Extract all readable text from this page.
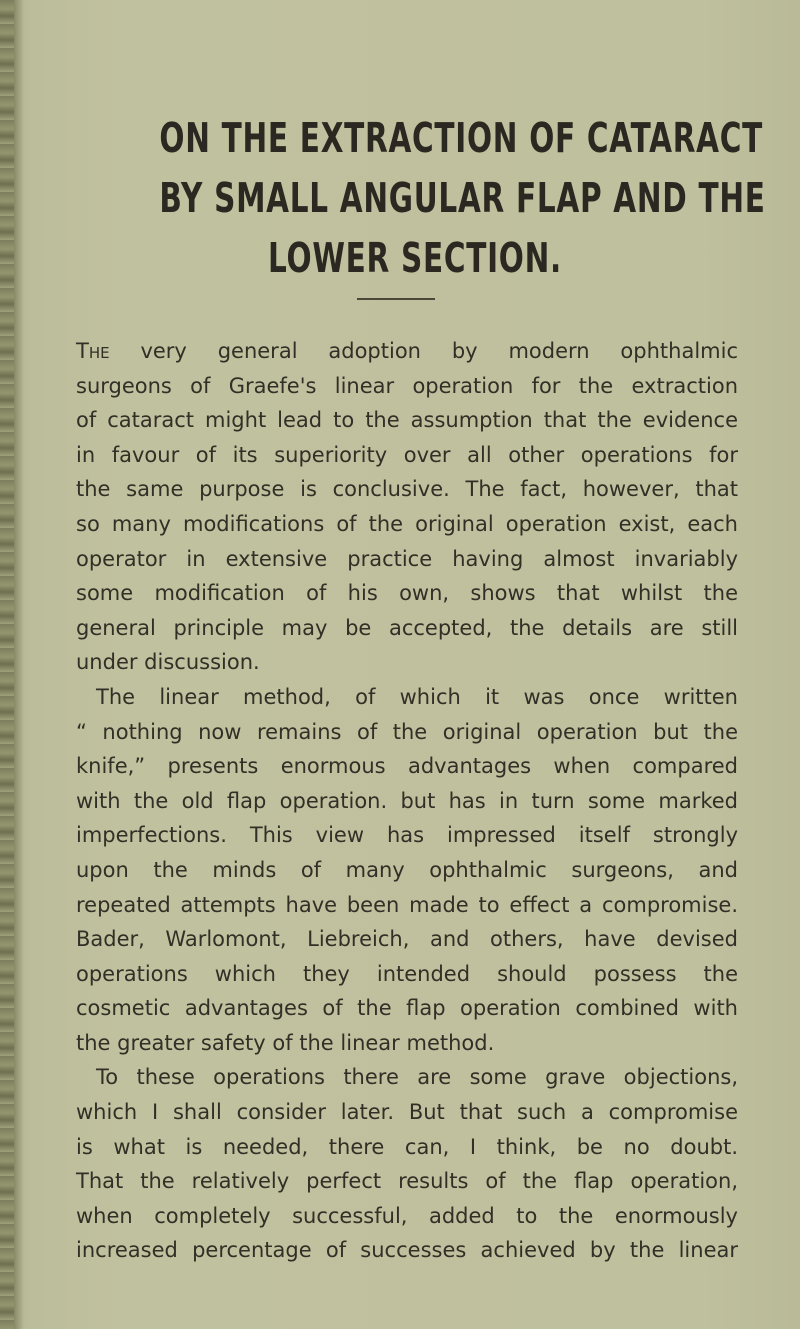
ON THE EXTRACTION OF CATARACT
BY SMALL ANGULAR FLAP AND THE
LOWER SECTION.
The very general adoption by modern ophthalmic
surgeons of Graefe's linear operation for the extraction
of cataract might lead to the assumption that the evidence
in favour of its superiority over all other operations for
the same purpose is conclusive. The fact, however, that
so many modifications of the original operation exist, each
operator in extensive practice having almost invariably
some modification of his own, shows that whilst the
general principle may be accepted, the details are still
under discussion.
The linear method, of which it was once written
“ nothing now remains of the original operation but the
knife,” presents enormous advantages when compared
with the old flap operation. but has in turn some marked
imperfections. This view has impressed itself strongly
upon the minds of many ophthalmic surgeons, and
repeated attempts have been made to effect a compromise.
Bader, Warlomont, Liebreich, and others, have devised
operations which they intended should possess the
cosmetic advantages of the flap operation combined with
the greater safety of the linear method.
To these operations there are some grave objections,
which I shall consider later. But that such a compromise
is what is needed, there can, I think, be no doubt.
That the relatively perfect results of the flap operation,
when completely successful, added to the enormously
increased percentage of successes achieved by the linear
